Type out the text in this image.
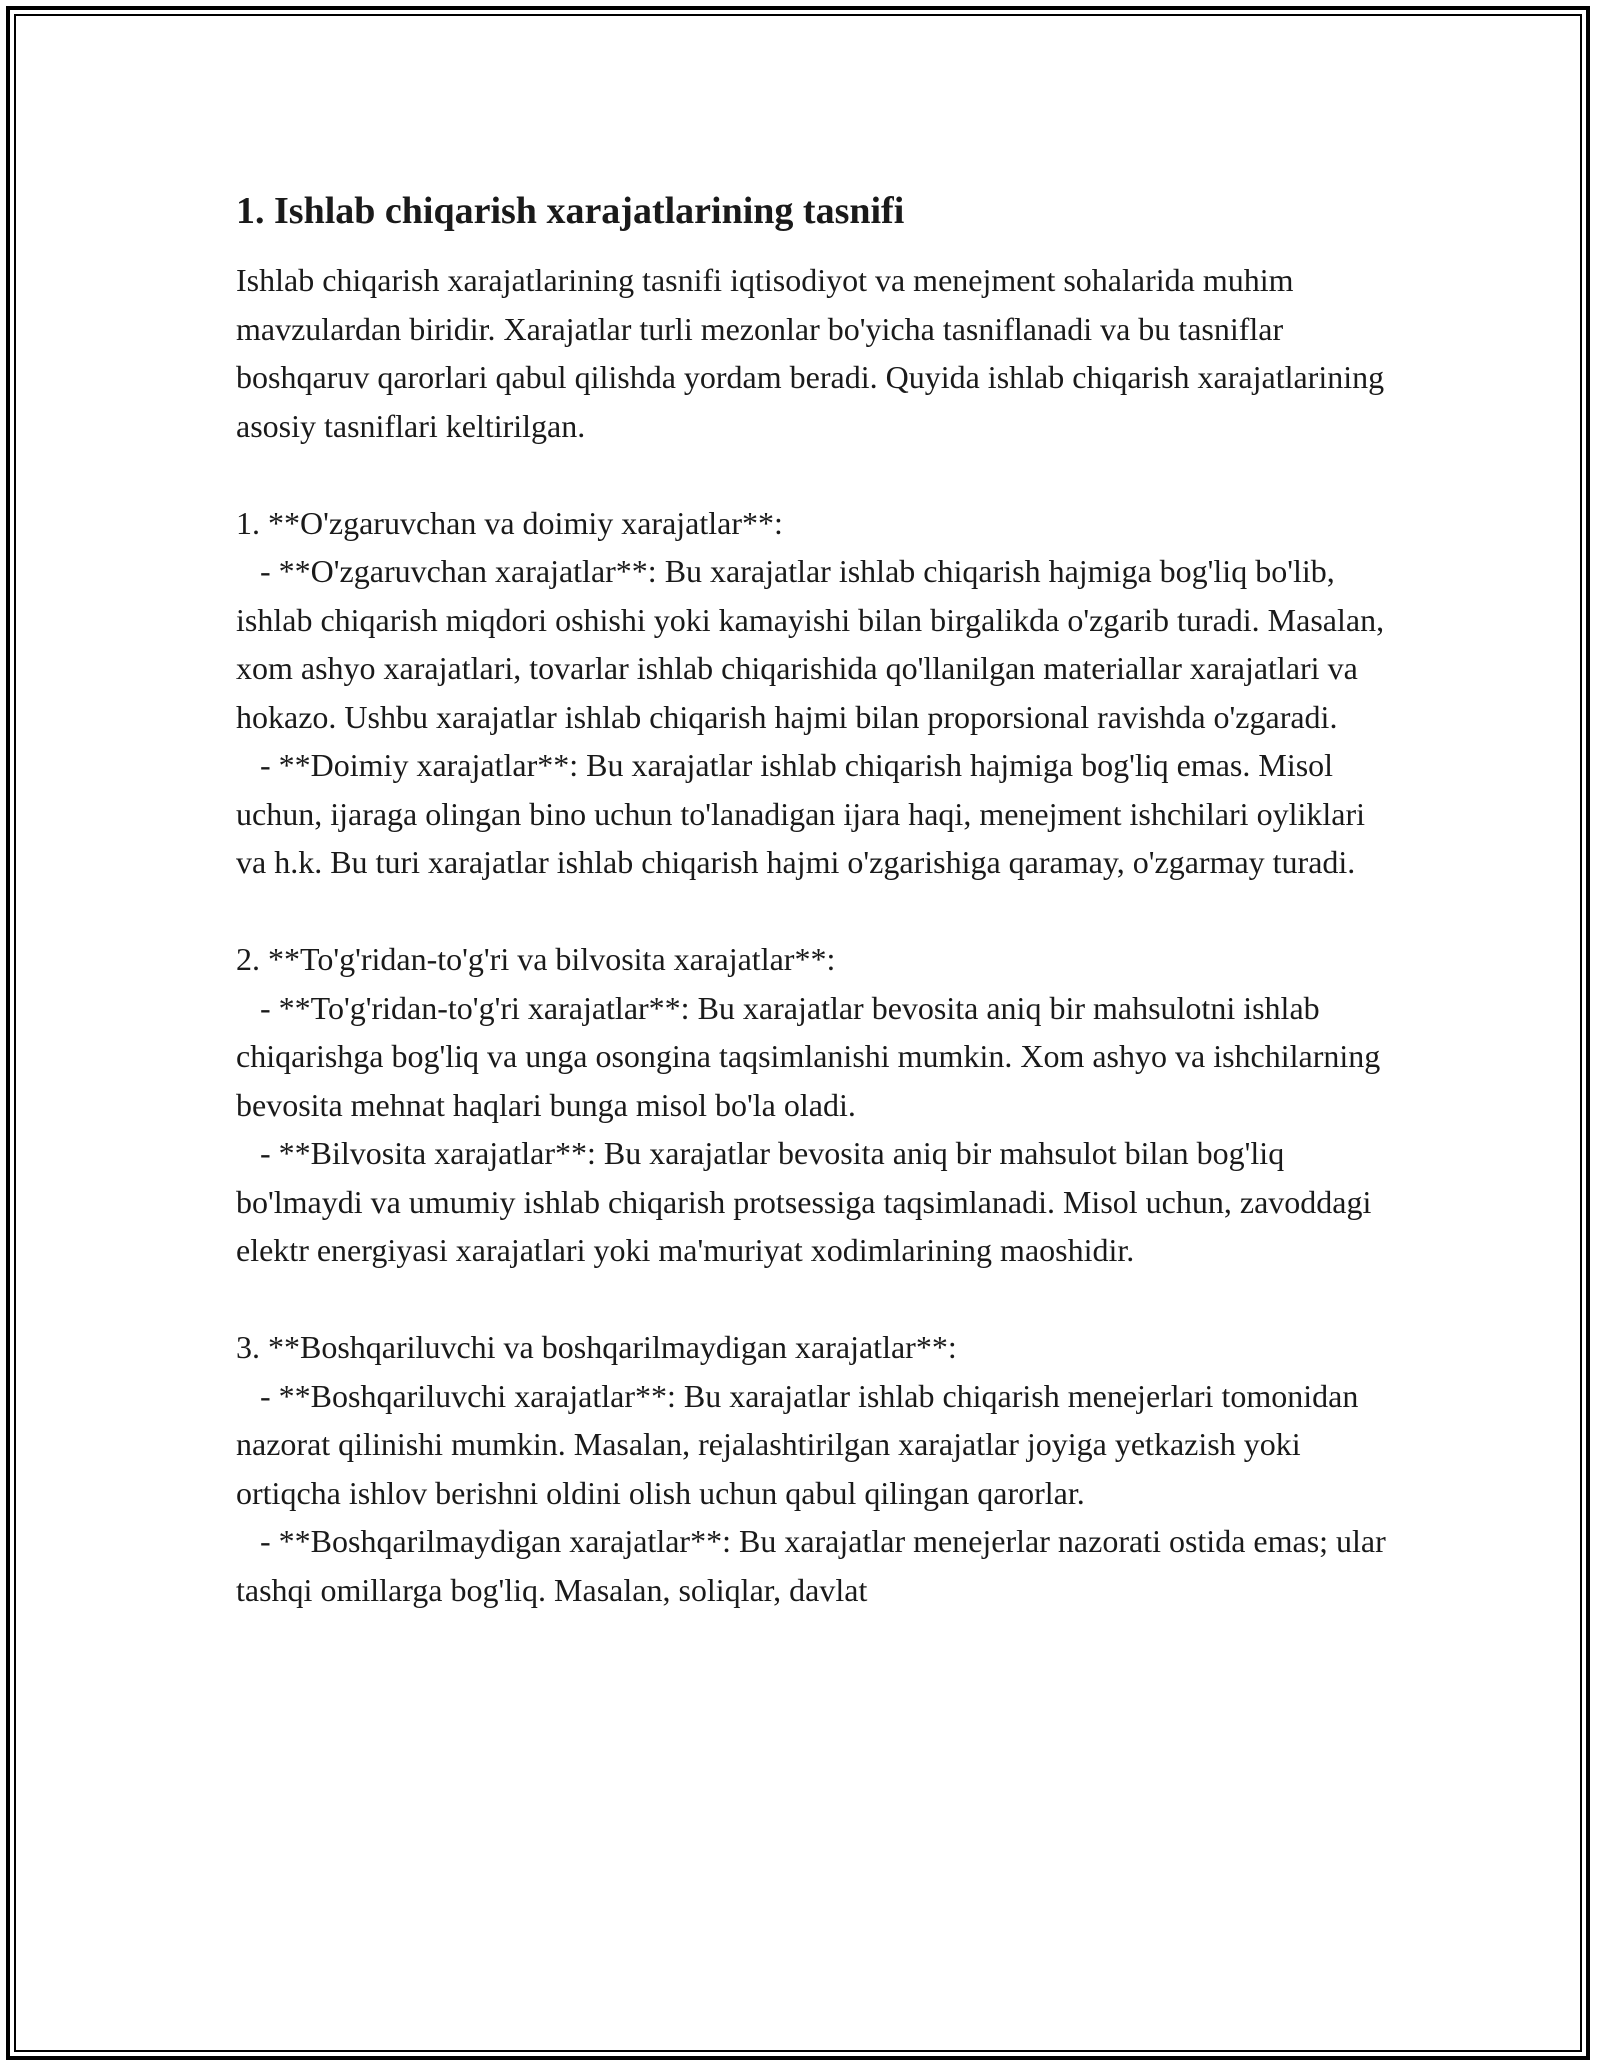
1. Ishlab chiqarish xarajatlarining tasnifi

Ishlab chiqarish xarajatlarining tasnifi iqtisodiyot va menejment sohalarida muhim mavzulardan biridir. Xarajatlar turli mezonlar bo'yicha tasniflanadi va bu tasniflar boshqaruv qarorlari qabul qilishda yordam beradi. Quyida ishlab chiqarish xarajatlarining asosiy tasniflari keltirilgan.

1. **O'zgaruvchan va doimiy xarajatlar**:

- **O'zgaruvchan xarajatlar**: Bu xarajatlar ishlab chiqarish hajmiga bog'liq bo'lib, ishlab chiqarish miqdori oshishi yoki kamayishi bilan birgalikda o'zgarib turadi. Masalan, xom ashyo xarajatlari, tovarlar ishlab chiqarishida qo'llanilgan materiallar xarajatlari va hokazo. Ushbu xarajatlar ishlab chiqarish hajmi bilan proporsional ravishda o'zgaradi.

- **Doimiy xarajatlar**: Bu xarajatlar ishlab chiqarish hajmiga bog'liq emas. Misol uchun, ijaraga olingan bino uchun to'lanadigan ijara haqi, menejment ishchilari oyliklari va h.k. Bu turi xarajatlar ishlab chiqarish hajmi o'zgarishiga qaramay, o'zgarmay turadi.

2. **To'g'ridan-to'g'ri va bilvosita xarajatlar**:

- **To'g'ridan-to'g'ri xarajatlar**: Bu xarajatlar bevosita aniq bir mahsulotni ishlab chiqarishga bog'liq va unga osongina taqsimlanishi mumkin. Xom ashyo va ishchilarning bevosita mehnat haqlari bunga misol bo'la oladi.

- **Bilvosita xarajatlar**: Bu xarajatlar bevosita aniq bir mahsulot bilan bog'liq bo'lmaydi va umumiy ishlab chiqarish protsessiga taqsimlanadi. Misol uchun, zavoddagi elektr energiyasi xarajatlari yoki ma'muriyat xodimlarining maoshidir.

3. **Boshqariluvchi va boshqarilmaydigan xarajatlar**:

- **Boshqariluvchi xarajatlar**: Bu xarajatlar ishlab chiqarish menejerlari tomonidan nazorat qilinishi mumkin. Masalan, rejalashtirilgan xarajatlar joyiga yetkazish yoki ortiqcha ishlov berishni oldini olish uchun qabul qilingan qarorlar.

- **Boshqarilmaydigan xarajatlar**: Bu xarajatlar menejerlar nazorati ostida emas; ular tashqi omillarga bog'liq. Masalan, soliqlar, davlat
